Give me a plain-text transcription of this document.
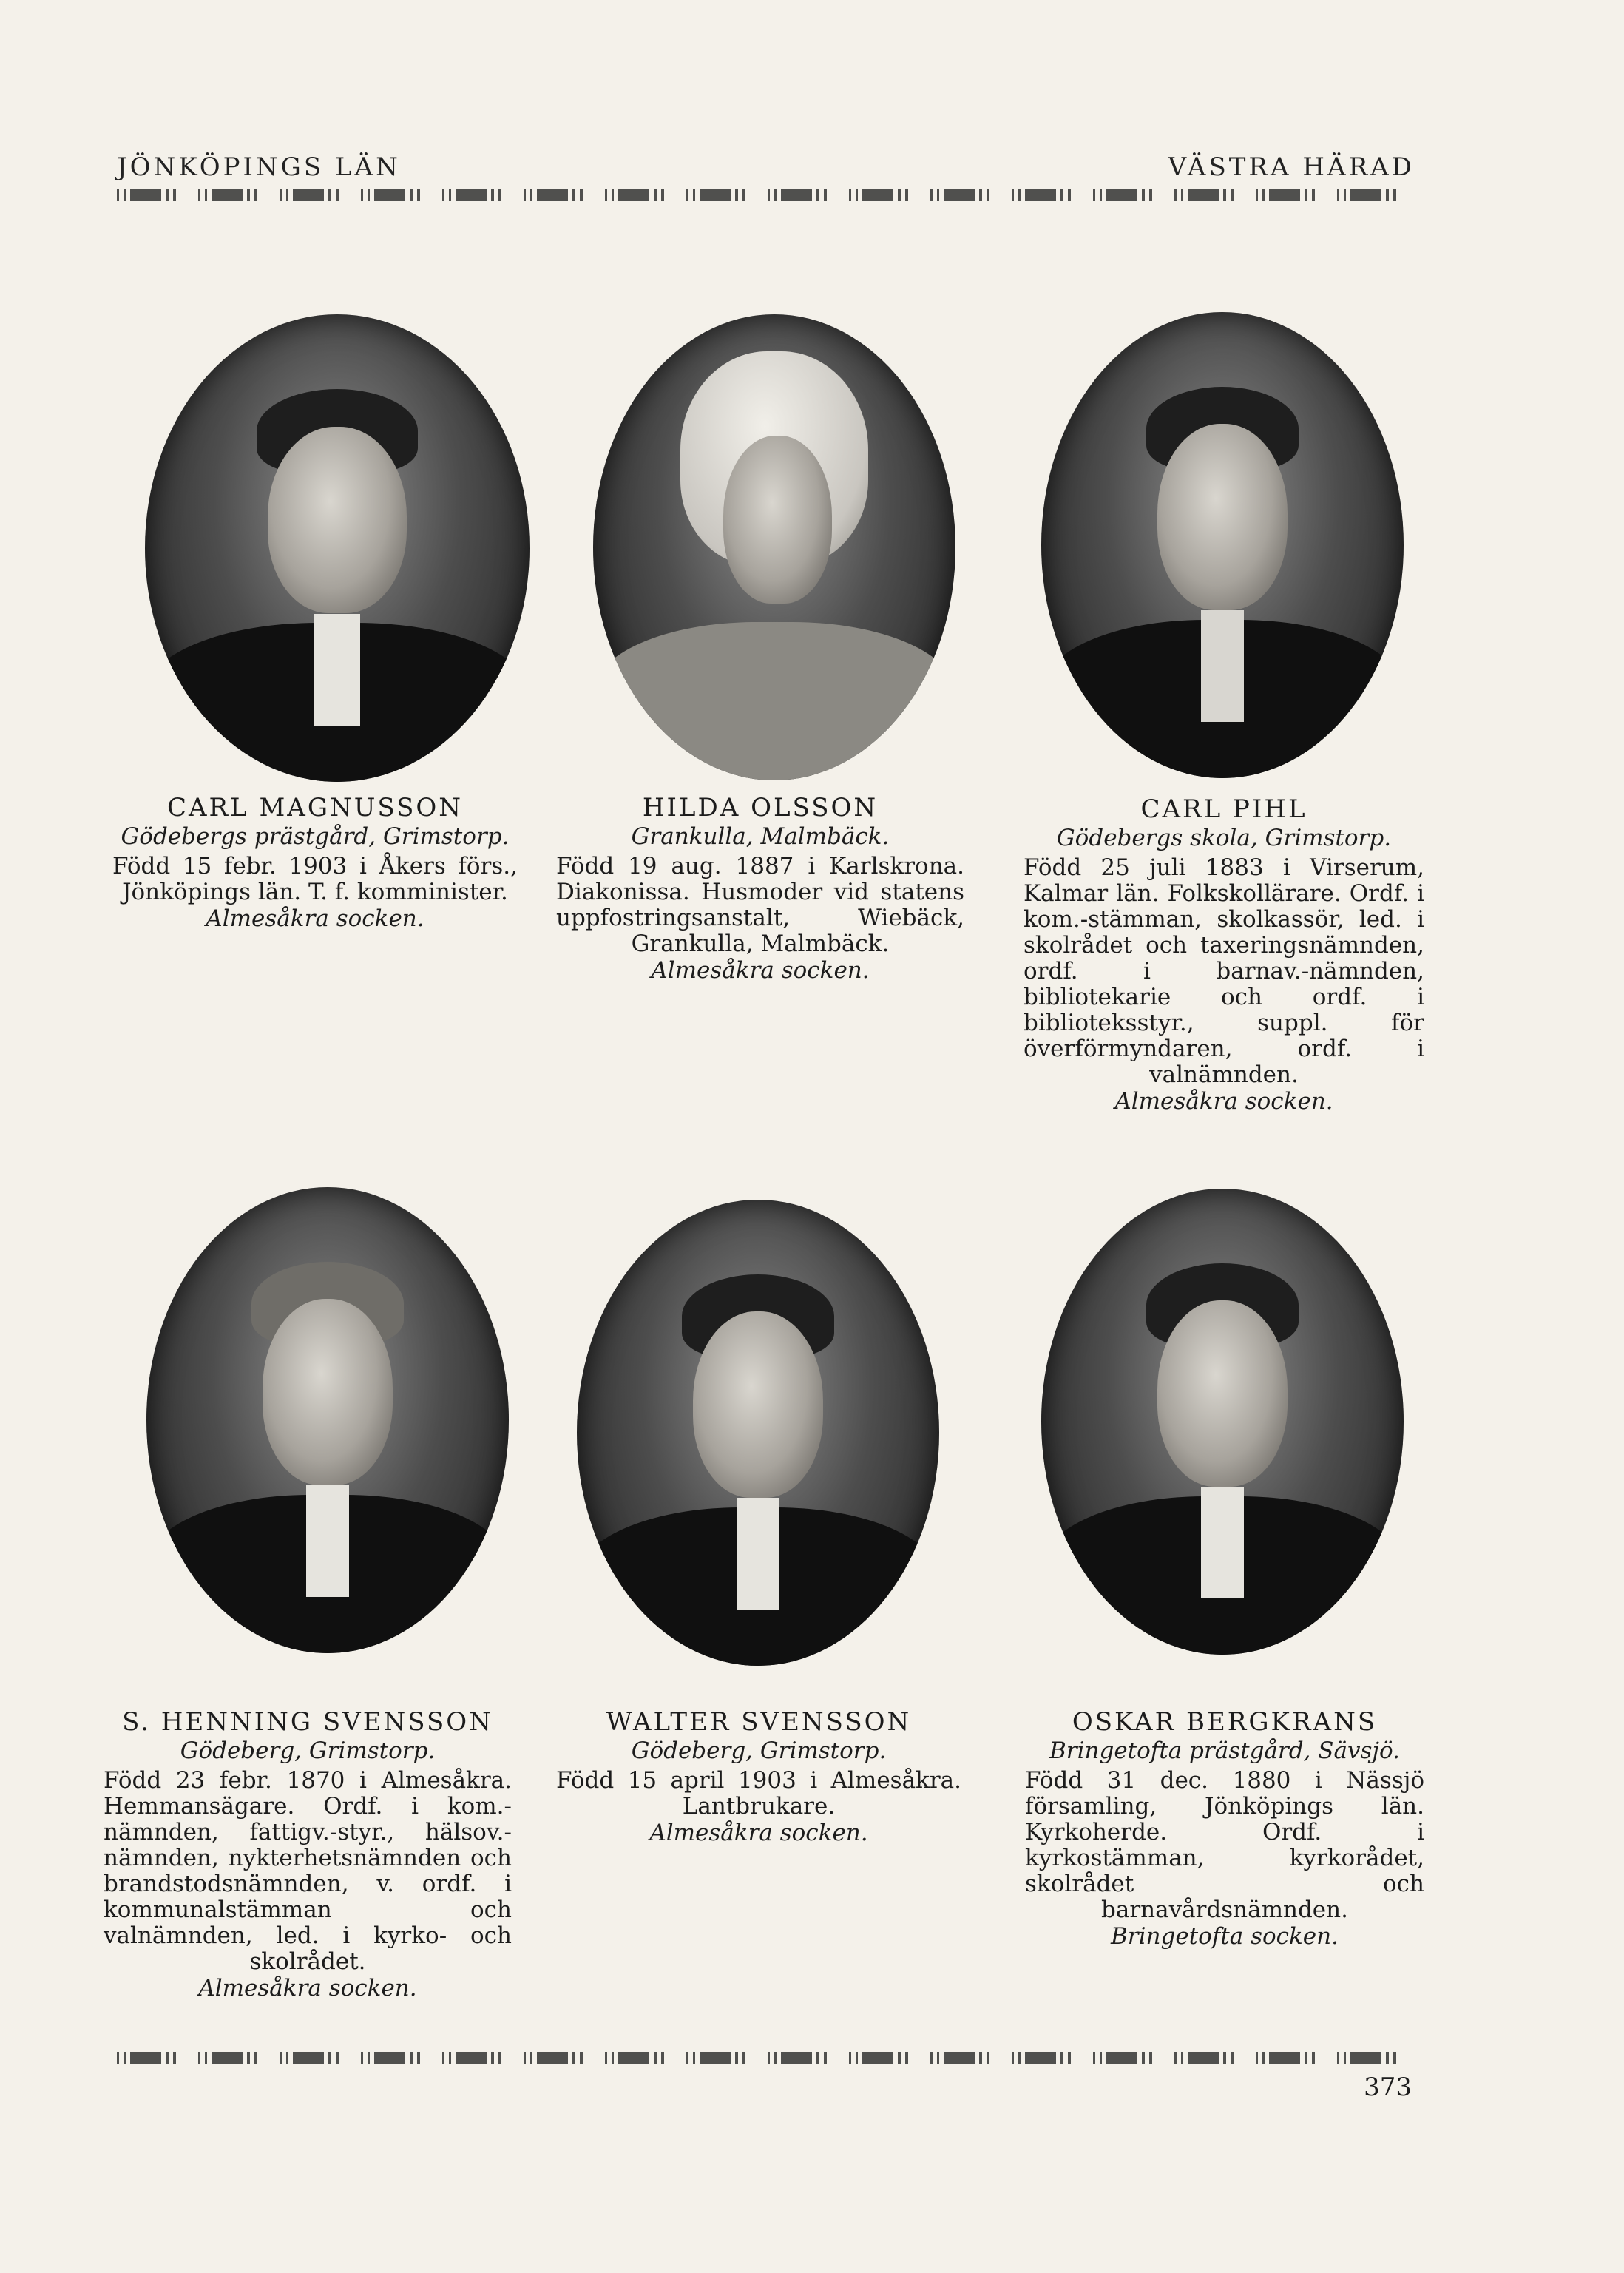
JÖNKÖPINGS LÄN	VÄSTRA HÄRAD
CARL MAGNUSSON
Gödebergs prästgård, Grimstorp.
Född 15 febr. 1903 i Åkers förs., Jönköpings län. T. f. komminister.
Almesåkra socken.
HILDA OLSSON
Grankulla, Malmbäck.
Född 19 aug. 1887 i Karlskrona. Diakonissa. Husmoder vid statens uppfostringsanstalt, Wiebäck, Grankulla, Malmbäck.
Almesåkra socken.
CARL PIHL
Gödebergs skola, Grimstorp.
Född 25 juli 1883 i Virserum, Kalmar län. Folkskollärare. Ordf. i kom.-stämman, skolkassör, led. i skolrådet och taxeringsnämnden, ordf. i barnav.-nämnden, bibliotekarie och ordf. i biblioteksstyr., suppl. för överförmyndaren, ordf. i valnämnden.
Almesåkra socken.
S. HENNING SVENSSON
Gödeberg, Grimstorp.
Född 23 febr. 1870 i Almesåkra. Hemmansägare. Ordf. i kom.-nämnden, fattigv.-styr., hälsov.-nämnden, nykterhetsnämnden och brandstodsnämnden, v. ordf. i kommunalstämman och valnämnden, led. i kyrko- och skolrådet.
Almesåkra socken.
WALTER SVENSSON
Gödeberg, Grimstorp.
Född 15 april 1903 i Almesåkra. Lantbrukare.
Almesåkra socken.
OSKAR BERGKRANS
Bringetofta prästgård, Sävsjö.
Född 31 dec. 1880 i Nässjö församling, Jönköpings län. Kyrkoherde. Ordf. i kyrkostämman, kyrkorådet, skolrådet och barnavårdsnämnden.
Bringetofta socken.
373
